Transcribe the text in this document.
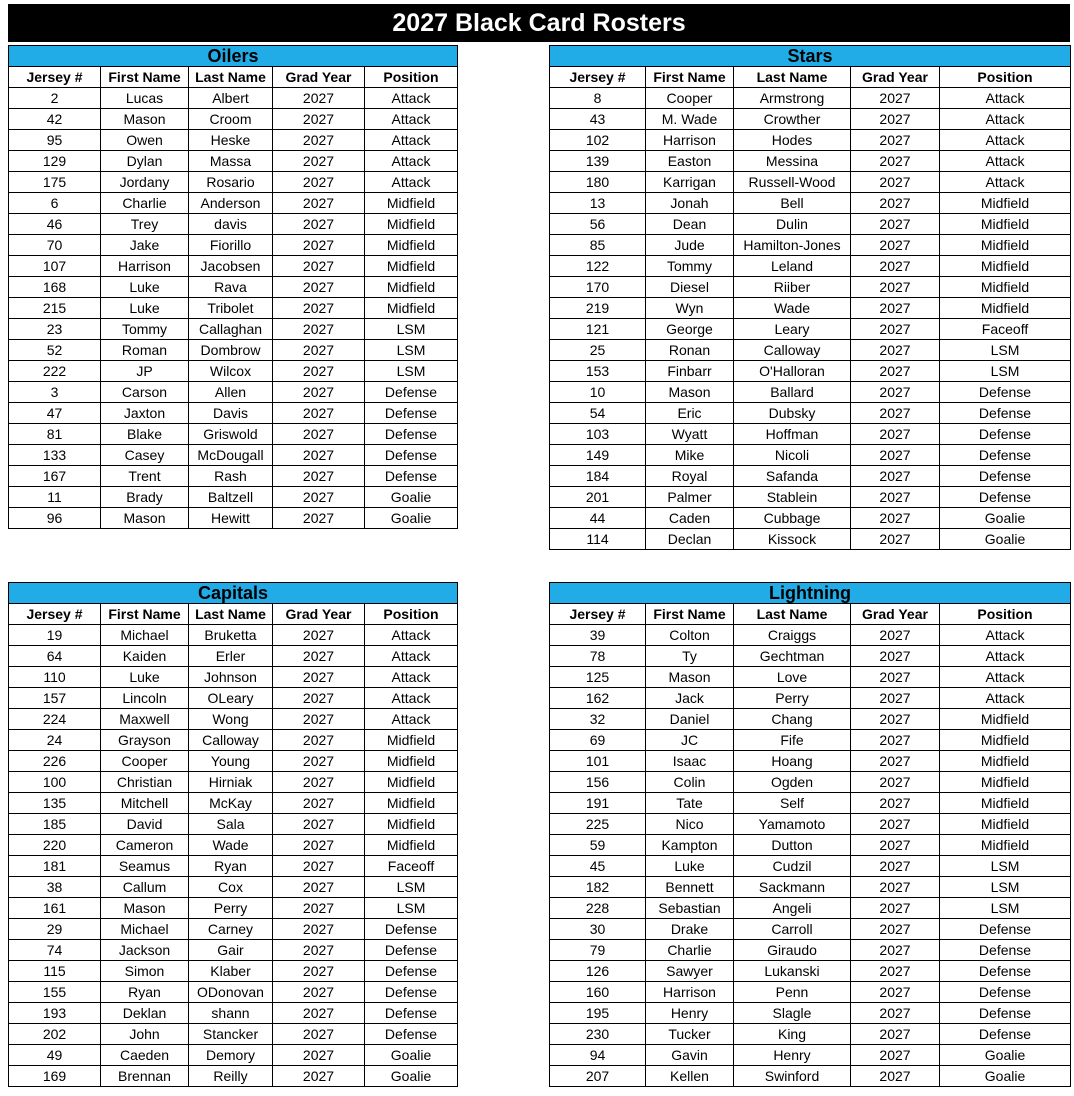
2027 Black Card Rosters
Oilers
Jersey #	First Name	Last Name	Grad Year	Position
2	Lucas	Albert	2027	Attack
42	Mason	Croom	2027	Attack
95	Owen	Heske	2027	Attack
129	Dylan	Massa	2027	Attack
175	Jordany	Rosario	2027	Attack
6	Charlie	Anderson	2027	Midfield
46	Trey	davis	2027	Midfield
70	Jake	Fiorillo	2027	Midfield
107	Harrison	Jacobsen	2027	Midfield
168	Luke	Rava	2027	Midfield
215	Luke	Tribolet	2027	Midfield
23	Tommy	Callaghan	2027	LSM
52	Roman	Dombrow	2027	LSM
222	JP	Wilcox	2027	LSM
3	Carson	Allen	2027	Defense
47	Jaxton	Davis	2027	Defense
81	Blake	Griswold	2027	Defense
133	Casey	McDougall	2027	Defense
167	Trent	Rash	2027	Defense
11	Brady	Baltzell	2027	Goalie
96	Mason	Hewitt	2027	Goalie
Stars
Jersey #	First Name	Last Name	Grad Year	Position
8	Cooper	Armstrong	2027	Attack
43	M. Wade	Crowther	2027	Attack
102	Harrison	Hodes	2027	Attack
139	Easton	Messina	2027	Attack
180	Karrigan	Russell-Wood	2027	Attack
13	Jonah	Bell	2027	Midfield
56	Dean	Dulin	2027	Midfield
85	Jude	Hamilton-Jones	2027	Midfield
122	Tommy	Leland	2027	Midfield
170	Diesel	Riiber	2027	Midfield
219	Wyn	Wade	2027	Midfield
121	George	Leary	2027	Faceoff
25	Ronan	Calloway	2027	LSM
153	Finbarr	O'Halloran	2027	LSM
10	Mason	Ballard	2027	Defense
54	Eric	Dubsky	2027	Defense
103	Wyatt	Hoffman	2027	Defense
149	Mike	Nicoli	2027	Defense
184	Royal	Safanda	2027	Defense
201	Palmer	Stablein	2027	Defense
44	Caden	Cubbage	2027	Goalie
114	Declan	Kissock	2027	Goalie
Capitals
Jersey #	First Name	Last Name	Grad Year	Position
19	Michael	Bruketta	2027	Attack
64	Kaiden	Erler	2027	Attack
110	Luke	Johnson	2027	Attack
157	Lincoln	OLeary	2027	Attack
224	Maxwell	Wong	2027	Attack
24	Grayson	Calloway	2027	Midfield
226	Cooper	Young	2027	Midfield
100	Christian	Hirniak	2027	Midfield
135	Mitchell	McKay	2027	Midfield
185	David	Sala	2027	Midfield
220	Cameron	Wade	2027	Midfield
181	Seamus	Ryan	2027	Faceoff
38	Callum	Cox	2027	LSM
161	Mason	Perry	2027	LSM
29	Michael	Carney	2027	Defense
74	Jackson	Gair	2027	Defense
115	Simon	Klaber	2027	Defense
155	Ryan	ODonovan	2027	Defense
193	Deklan	shann	2027	Defense
202	John	Stancker	2027	Defense
49	Caeden	Demory	2027	Goalie
169	Brennan	Reilly	2027	Goalie
Lightning
Jersey #	First Name	Last Name	Grad Year	Position
39	Colton	Craiggs	2027	Attack
78	Ty	Gechtman	2027	Attack
125	Mason	Love	2027	Attack
162	Jack	Perry	2027	Attack
32	Daniel	Chang	2027	Midfield
69	JC	Fife	2027	Midfield
101	Isaac	Hoang	2027	Midfield
156	Colin	Ogden	2027	Midfield
191	Tate	Self	2027	Midfield
225	Nico	Yamamoto	2027	Midfield
59	Kampton	Dutton	2027	Midfield
45	Luke	Cudzil	2027	LSM
182	Bennett	Sackmann	2027	LSM
228	Sebastian	Angeli	2027	LSM
30	Drake	Carroll	2027	Defense
79	Charlie	Giraudo	2027	Defense
126	Sawyer	Lukanski	2027	Defense
160	Harrison	Penn	2027	Defense
195	Henry	Slagle	2027	Defense
230	Tucker	King	2027	Defense
94	Gavin	Henry	2027	Goalie
207	Kellen	Swinford	2027	Goalie
